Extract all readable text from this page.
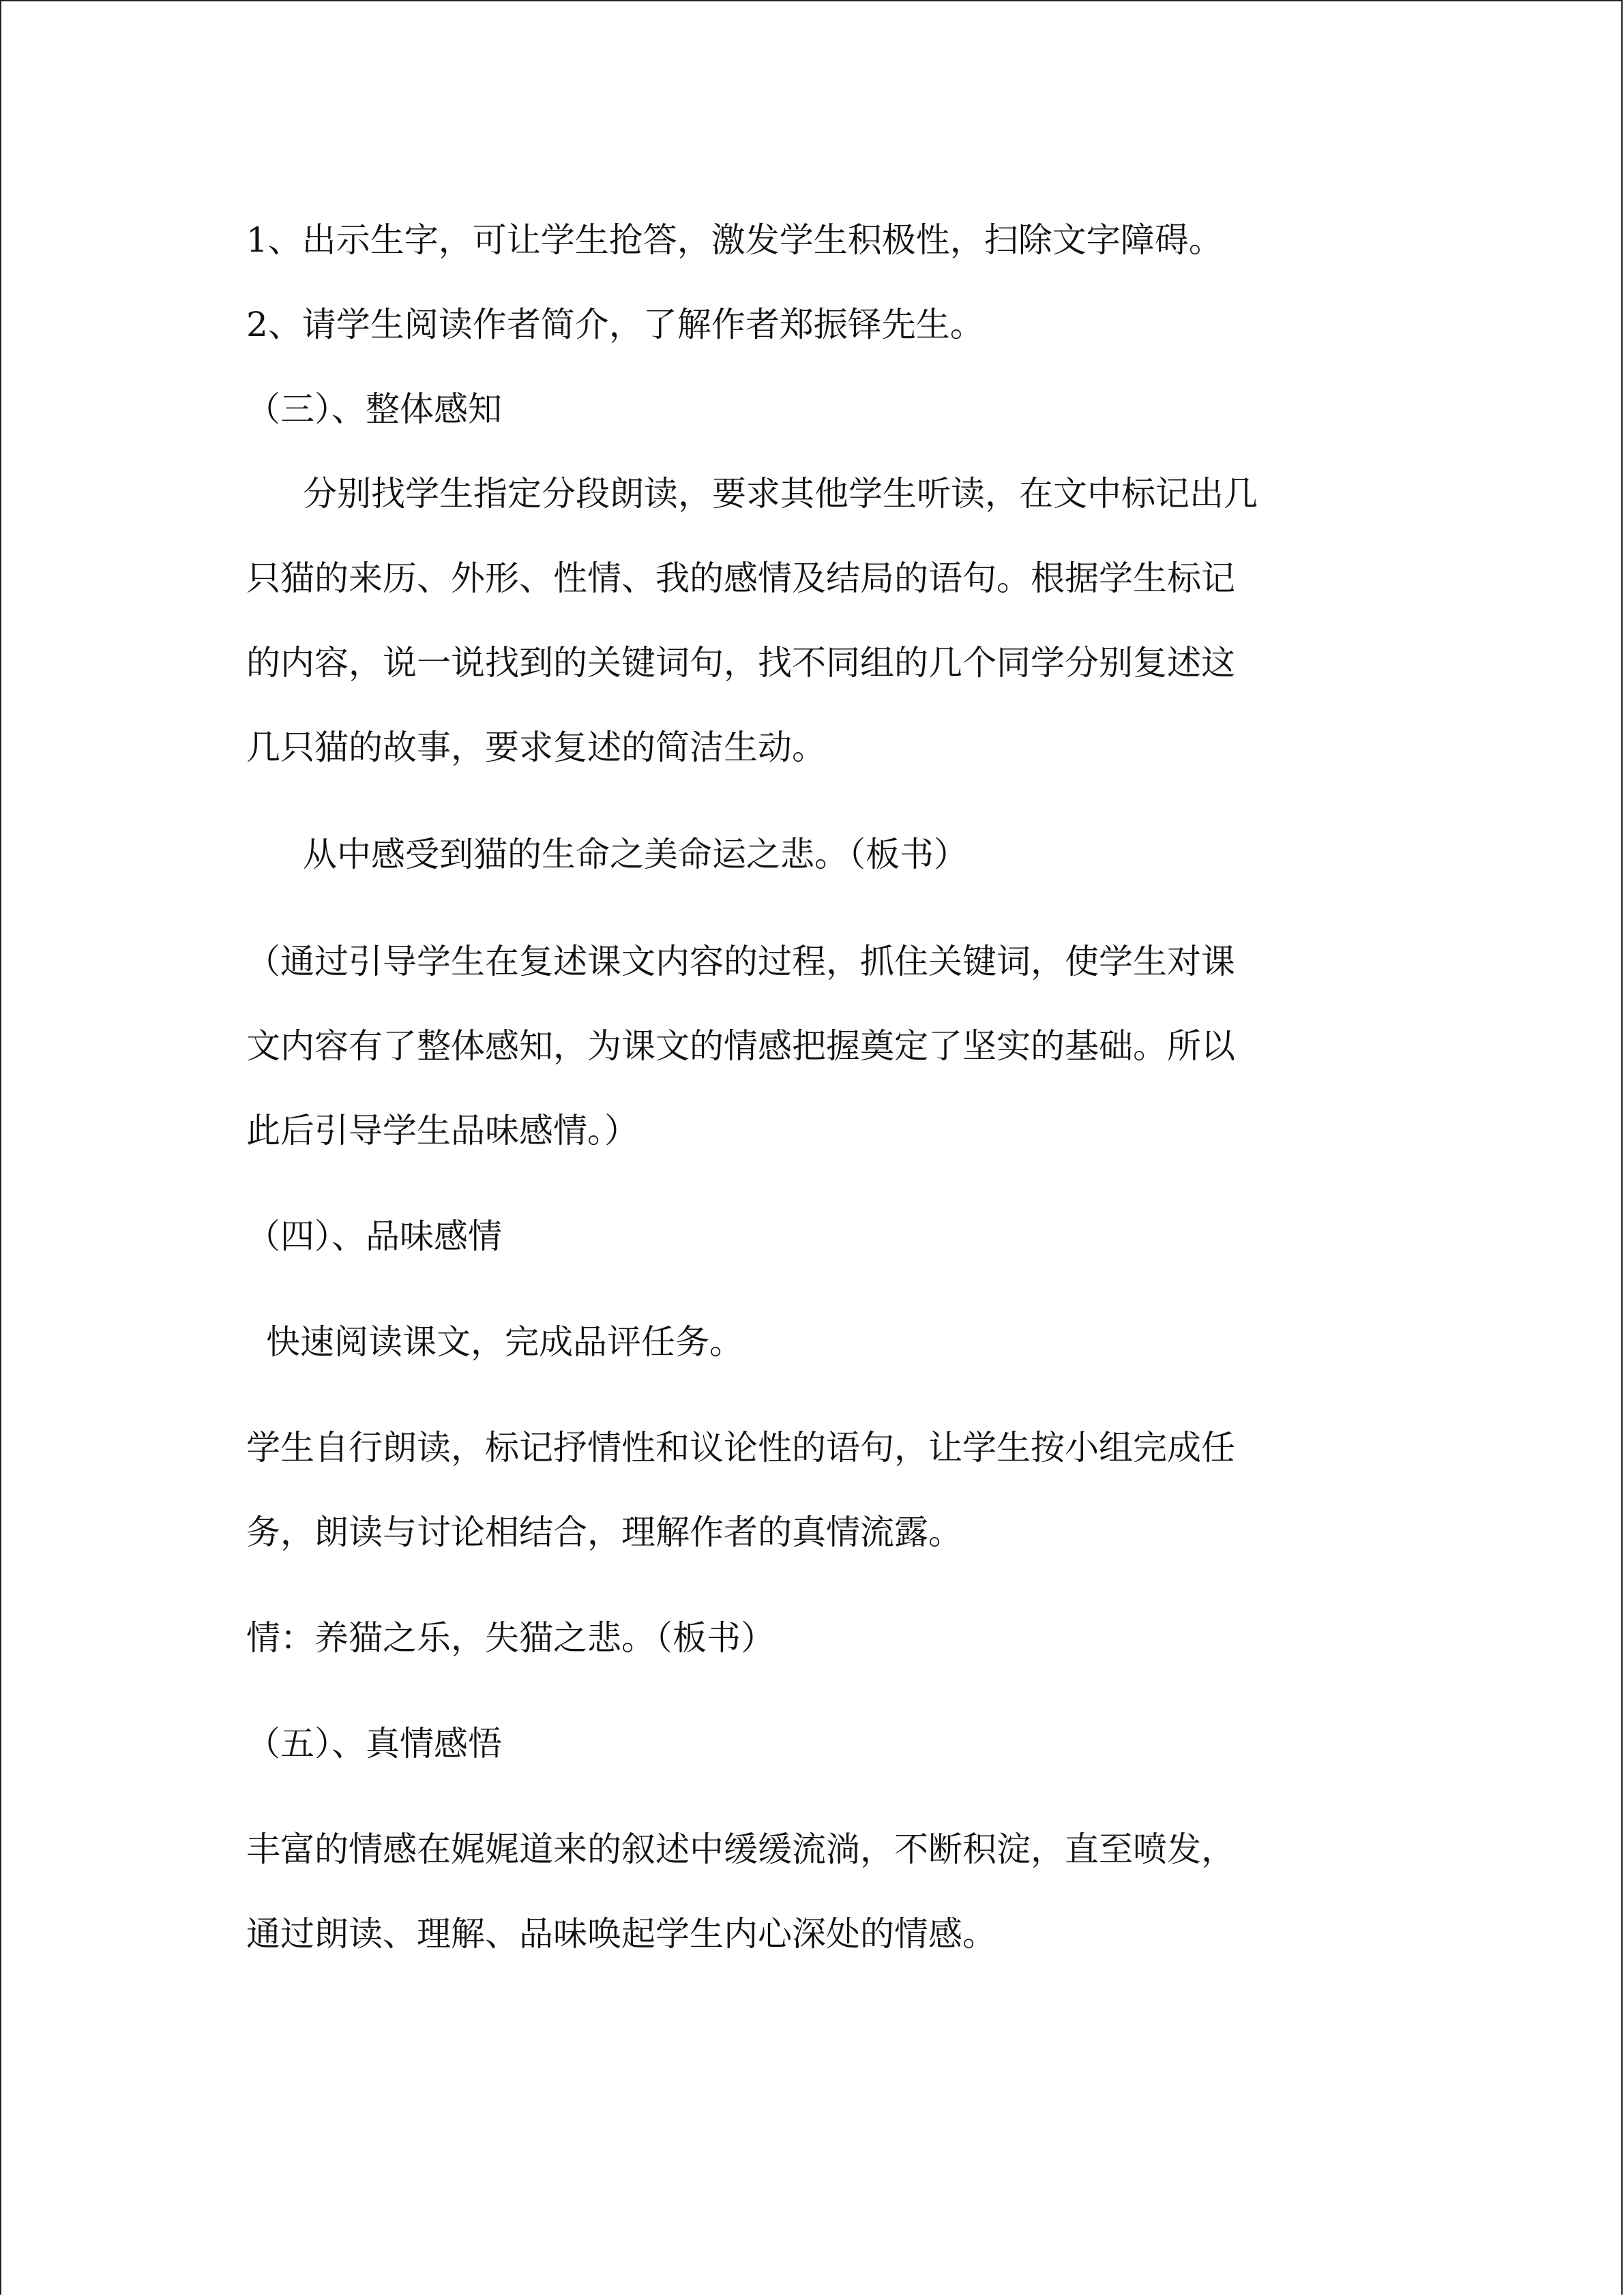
1、出示生字，可让学生抢答，激发学生积极性，扫除文字障碍。
2、请学生阅读作者简介，了解作者郑振铎先生。
（三）、整体感知
分别找学生指定分段朗读，要求其他学生听读，在文中标记出几
只猫的来历、外形、性情、我的感情及结局的语句。根据学生标记
的内容，说一说找到的关键词句，找不同组的几个同学分别复述这
几只猫的故事，要求复述的简洁生动。
从中感受到猫的生命之美命运之悲。（板书）
（通过引导学生在复述课文内容的过程，抓住关键词，使学生对课
文内容有了整体感知，为课文的情感把握奠定了坚实的基础。所以
此后引导学生品味感情。）
（四）、品味感情
快速阅读课文，完成品评任务。
学生自行朗读，标记抒情性和议论性的语句，让学生按小组完成任
务，朗读与讨论相结合，理解作者的真情流露。
情：养猫之乐，失猫之悲。（板书）
（五）、真情感悟
丰富的情感在娓娓道来的叙述中缓缓流淌，不断积淀，直至喷发，
通过朗读、理解、品味唤起学生内心深处的情感。
